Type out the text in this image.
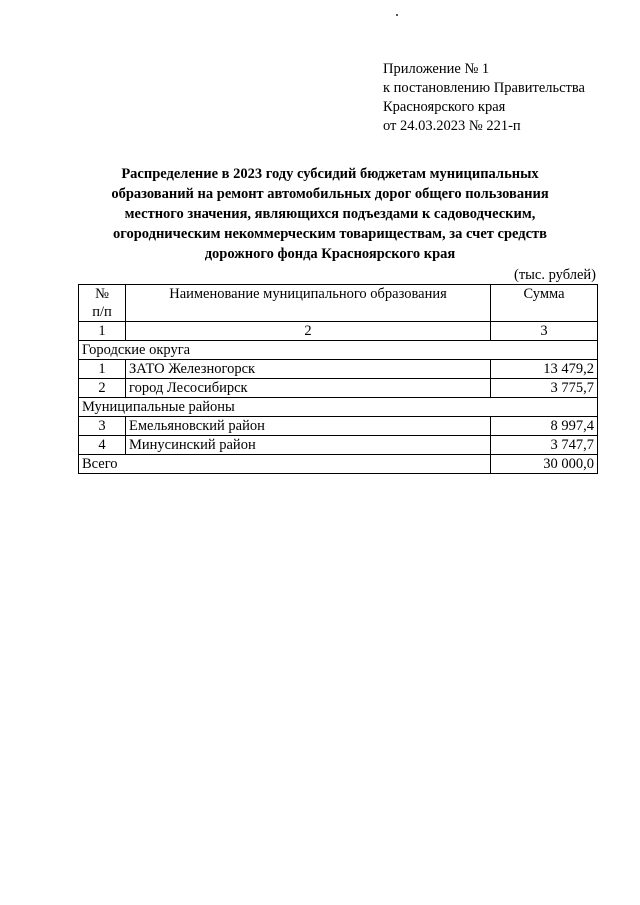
Приложение № 1
к постановлению Правительства
Красноярского края
от 24.03.2023 № 221-п
Распределение в 2023 году субсидий бюджетам муниципальных
образований на ремонт автомобильных дорог общего пользования
местного значения, являющихся подъездами к садоводческим,
огородническим некоммерческим товариществам, за счет средств
дорожного фонда Красноярского края
(тыс. рублей)
№
п/п	Наименование муниципального образования	Сумма
1	2	3
Городские округа		
1	ЗАТО Железногорск	13 479,2
2	город Лесосибирск	3 775,7
Муниципальные районы		
3	Емельяновский район	8 997,4
4	Минусинский район	3 747,7
Всего		30 000,0
